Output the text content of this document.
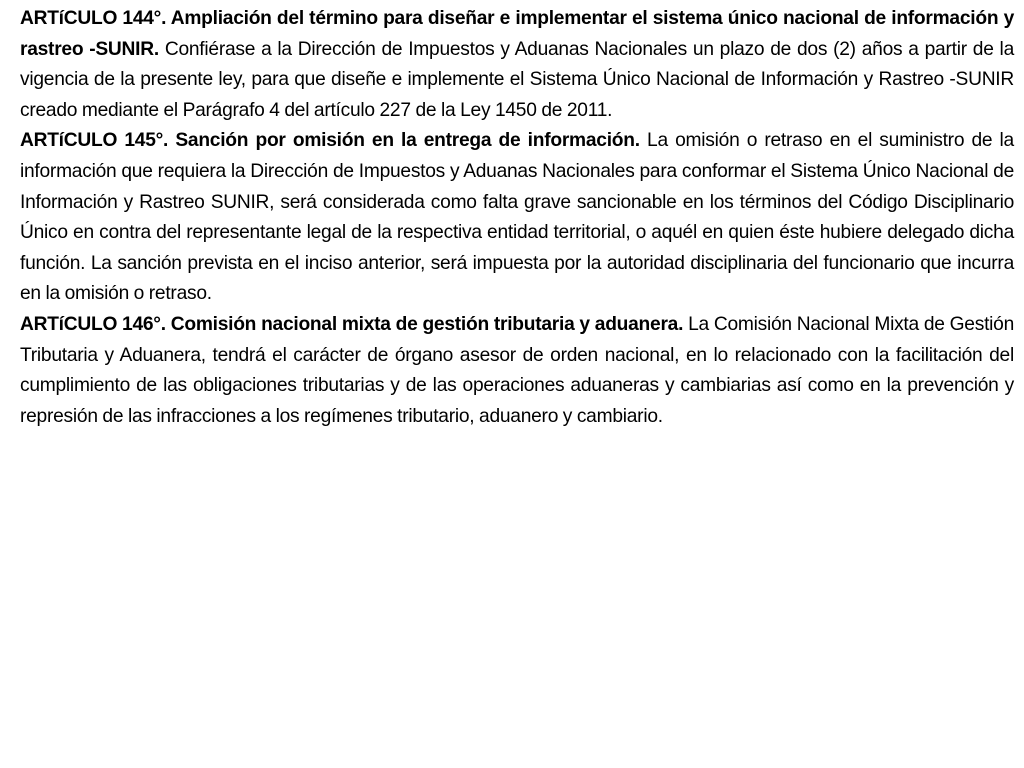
ARTíCULO 144°. Ampliación del término para diseñar e implementar el sistema único nacional de información y rastreo -SUNIR. Confiérase a la Dirección de Impuestos y Aduanas Nacionales un plazo de dos (2) años a partir de la vigencia de la presente ley, para que diseñe e implemente el Sistema Único Nacional de Información y Rastreo -SUNIR creado mediante el Parágrafo 4 del artículo 227 de la Ley 1450 de 2011.

ARTíCULO 145°. Sanción por omisión en la entrega de información. La omisión o retraso en el suministro de la información que requiera la Dirección de Impuestos y Aduanas Nacionales para conformar el Sistema Único Nacional de Información y Rastreo SUNIR, será considerada como falta grave sancionable en los términos del Código Disciplinario Único en contra del representante legal de la respectiva entidad territorial, o aquél en quien éste hubiere delegado dicha función. La sanción prevista en el inciso anterior, será impuesta por la autoridad disciplinaria del funcionario que incurra en la omisión o retraso.

ARTíCULO 146°. Comisión nacional mixta de gestión tributaria y aduanera. La Comisión Nacional Mixta de Gestión Tributaria y Aduanera, tendrá el carácter de órgano asesor de orden nacional, en lo relacionado con la facilitación del cumplimiento de las obligaciones tributarias y de las operaciones aduaneras y cambiarias así como en la prevención y represión de las infracciones a los regímenes tributario, aduanero y cambiario.
